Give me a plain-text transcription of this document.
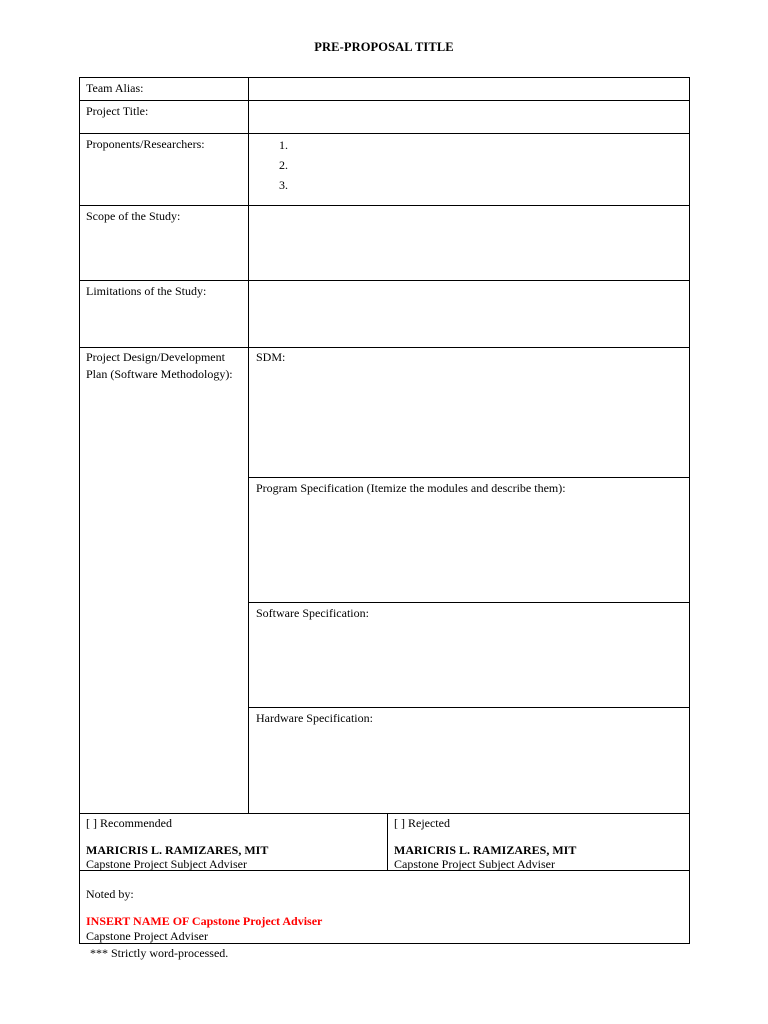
PRE-PROPOSAL TITLE
Team Alias:
Project Title:
Proponents/Researchers:	1.
2.
3.
Scope of the Study:
Limitations of the Study:
Project Design/Development
Plan (Software Methodology):
SDM:
Program Specification (Itemize the modules and describe them):
Software Specification:
Hardware Specification:
[ ] Recommended
MARICRIS L. RAMIZARES, MIT
Capstone Project Subject Adviser
[ ] Rejected
MARICRIS L. RAMIZARES, MIT
Capstone Project Subject Adviser
Noted by:
INSERT NAME OF Capstone Project Adviser
Capstone Project Adviser
*** Strictly word-processed.
